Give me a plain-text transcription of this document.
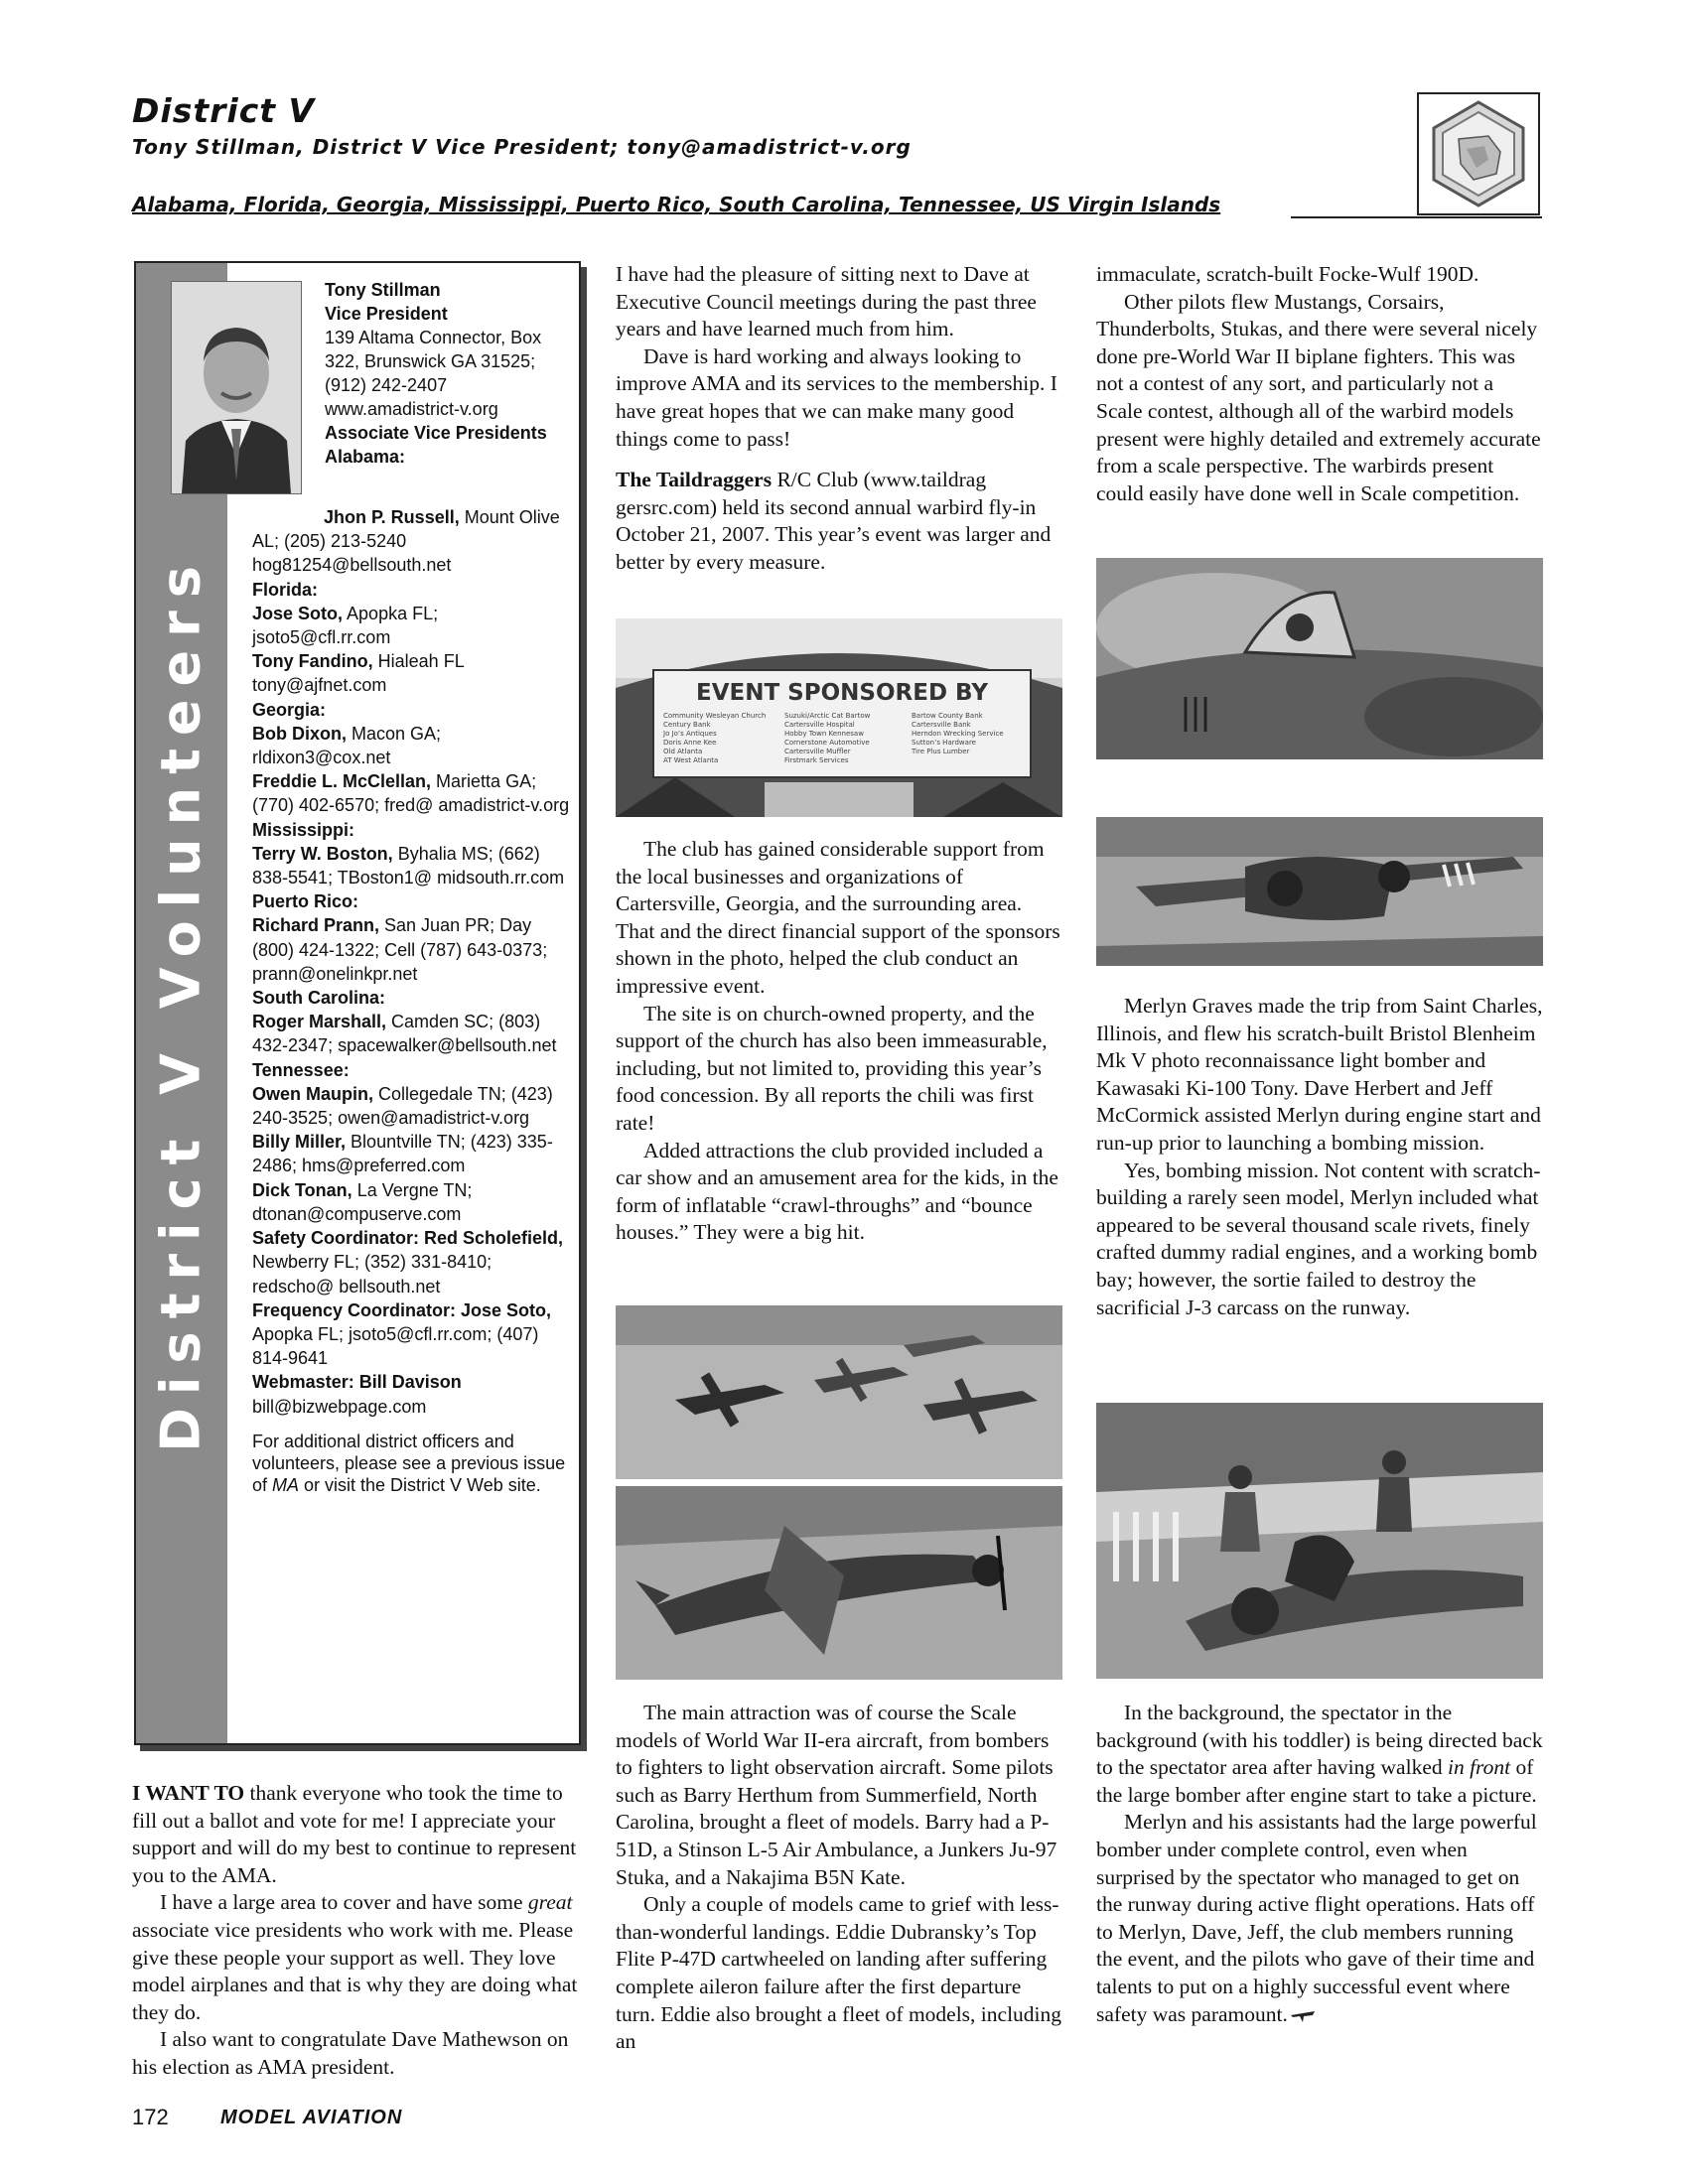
District V
Tony Stillman, District V Vice President; tony@amadistrict-v.org
Alabama, Florida, Georgia, Mississippi, Puerto Rico, South Carolina, Tennessee, US Virgin Islands
District V Volunteers
Tony Stillman
Vice President
139 Altama Connector, Box 322, Brunswick GA 31525; (912) 242-2407
www.amadistrict-v.org
Associate Vice Presidents
Alabama:
Jhon P. Russell, Mount Olive AL; (205) 213-5240 hog81254@bellsouth.net
Florida:
Jose Soto, Apopka FL; jsoto5@cfl.rr.com
Tony Fandino, Hialeah FL tony@ajfnet.com
Georgia:
Bob Dixon, Macon GA; rldixon3@cox.net
Freddie L. McClellan, Marietta GA; (770) 402-6570; fred@ amadistrict-v.org
Mississippi:
Terry W. Boston, Byhalia MS; (662) 838-5541; TBoston1@ midsouth.rr.com
Puerto Rico:
Richard Prann, San Juan PR; Day (800) 424-1322; Cell (787) 643-0373; prann@onelinkpr.net
South Carolina:
Roger Marshall, Camden SC; (803) 432-2347; spacewalker@bellsouth.net
Tennessee:
Owen Maupin, Collegedale TN; (423) 240-3525; owen@amadistrict-v.org
Billy Miller, Blountville TN; (423) 335-2486; hms@preferred.com
Dick Tonan, La Vergne TN; dtonan@compuserve.com
Safety Coordinator: Red Scholefield, Newberry FL; (352) 331-8410; redscho@ bellsouth.net
Frequency Coordinator: Jose Soto, Apopka FL; jsoto5@cfl.rr.com; (407) 814-9641
Webmaster: Bill Davison
bill@bizwebpage.com
For additional district officers and volunteers, please see a previous issue of MA or visit the District V Web site.

I WANT TO thank everyone who took the time to fill out a ballot and vote for me! I appreciate your support and will do my best to continue to represent you to the AMA.

I have a large area to cover and have some great associate vice presidents who work with me. Please give these people your support as well. They love model airplanes and that is why they are doing what they do.

I also want to congratulate Dave Mathewson on his election as AMA president.

I have had the pleasure of sitting next to Dave at Executive Council meetings during the past three years and have learned much from him.

Dave is hard working and always looking to improve AMA and its services to the membership. I have great hopes that we can make many good things come to pass!

The Taildraggers R/C Club (www.taildrag gersrc.com) held its second annual warbird fly-in October 21, 2007. This year’s event was larger and better by every measure.

EVENT SPONSORED BY
Community Wesleyan Church
Century Bank
Jo Jo’s Antiques
Doris Anne Kee
Old Atlanta
AT West Atlanta
Suzuki/Arctic Cat Bartow
Cartersville Hospital
Hobby Town Kennesaw
Cornerstone Automotive
Cartersville Muffler
Firstmark Services
Bartow County Bank
Cartersville Bank
Herndon Wrecking Service
Sutton’s Hardware
Tire Plus Lumber

The club has gained considerable support from the local businesses and organizations of Cartersville, Georgia, and the surrounding area. That and the direct financial support of the sponsors shown in the photo, helped the club conduct an impressive event.

The site is on church-owned property, and the support of the church has also been immeasurable, including, but not limited to, providing this year’s food concession. By all reports the chili was first rate!

Added attractions the club provided included a car show and an amusement area for the kids, in the form of inflatable “crawl-throughs” and “bounce houses.” They were a big hit.

The main attraction was of course the Scale models of World War II-era aircraft, from bombers to fighters to light observation aircraft. Some pilots such as Barry Herthum from Summerfield, North Carolina, brought a fleet of models. Barry had a P-51D, a Stinson L-5 Air Ambulance, a Junkers Ju-97 Stuka, and a Nakajima B5N Kate.

Only a couple of models came to grief with less-than-wonderful landings. Eddie Dubransky’s Top Flite P-47D cartwheeled on landing after suffering complete aileron failure after the first departure turn. Eddie also brought a fleet of models, including an

immaculate, scratch-built Focke-Wulf 190D.

Other pilots flew Mustangs, Corsairs, Thunderbolts, Stukas, and there were several nicely done pre-World War II biplane fighters. This was not a contest of any sort, and particularly not a Scale contest, although all of the warbird models present were highly detailed and extremely accurate from a scale perspective. The warbirds present could easily have done well in Scale competition.

Merlyn Graves made the trip from Saint Charles, Illinois, and flew his scratch-built Bristol Blenheim Mk V photo reconnaissance light bomber and Kawasaki Ki-100 Tony. Dave Herbert and Jeff McCormick assisted Merlyn during engine start and run-up prior to launching a bombing mission.

Yes, bombing mission. Not content with scratch-building a rarely seen model, Merlyn included what appeared to be several thousand scale rivets, finely crafted dummy radial engines, and a working bomb bay; however, the sortie failed to destroy the sacrificial J-3 carcass on the runway.

In the background, the spectator in the background (with his toddler) is being directed back to the spectator area after having walked in front of the large bomber after engine start to take a picture.

Merlyn and his assistants had the large powerful bomber under complete control, even when surprised by the spectator who managed to get on the runway during active flight operations. Hats off to Merlyn, Dave, Jeff, the club members running the event, and the pilots who gave of their time and talents to put on a highly successful event where safety was paramount.

172	MODEL AVIATION
